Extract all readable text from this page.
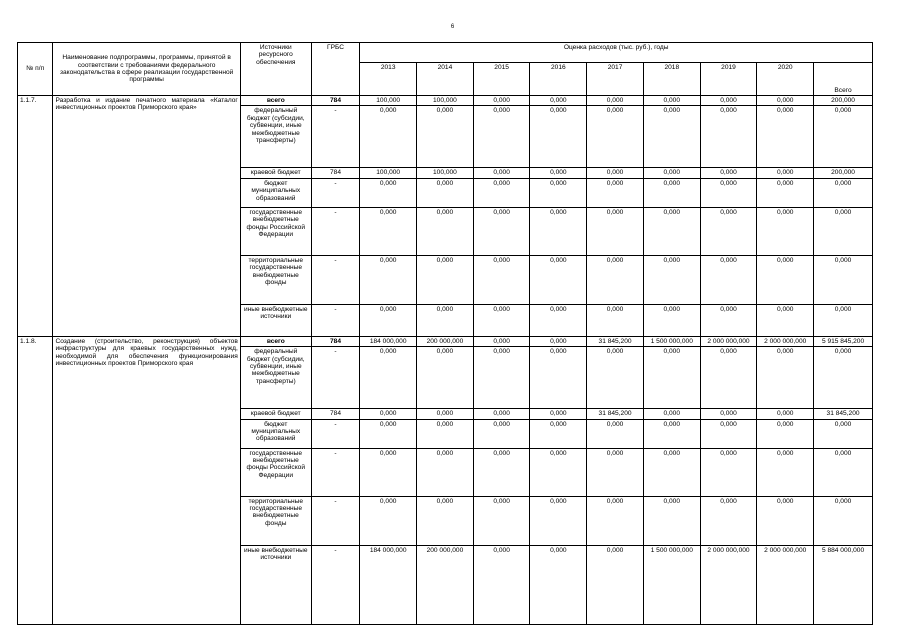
6
№ п/п	Наименование подпрограммы, программы, принятой в соответствии с требованиями федерального законодательства в сфере реализации государственной программы	Источники ресурсного обеспечения	ГРБС	Оценка расходов (тыс. руб.), годы								
				2013	2014	2015	2016	2017	2018	2019	2020	Всего
1.1.7.	Разработка и издание печатного материала «Каталог инвестиционных проектов Приморского края»	всего	784	100,000	100,000	0,000	0,000	0,000	0,000	0,000	0,000	200,000
		федеральный бюджет (субсидии, субвенции, иные межбюджетные трансферты)	-	0,000	0,000	0,000	0,000	0,000	0,000	0,000	0,000	0,000
		краевой бюджет	784	100,000	100,000	0,000	0,000	0,000	0,000	0,000	0,000	200,000
		бюджет муниципальных образований	-	0,000	0,000	0,000	0,000	0,000	0,000	0,000	0,000	0,000
		государственные внебюджетные фонды Российской Федерации	-	0,000	0,000	0,000	0,000	0,000	0,000	0,000	0,000	0,000
		территориальные государственные внебюджетные фонды	-	0,000	0,000	0,000	0,000	0,000	0,000	0,000	0,000	0,000
		иные внебюджетные источники	-	0,000	0,000	0,000	0,000	0,000	0,000	0,000	0,000	0,000
1.1.8.	Создание (строительство, реконструкция) объектов инфраструктуры для краевых государственных нужд, необходимой для обеспечения функционирования инвестиционных проектов Приморского края	всего	784	184 000,000	200 000,000	0,000	0,000	31 845,200	1 500 000,000	2 000 000,000	2 000 000,000	5 915 845,200
		федеральный бюджет (субсидии, субвенции, иные межбюджетные трансферты)	-	0,000	0,000	0,000	0,000	0,000	0,000	0,000	0,000	0,000
		краевой бюджет	784	0,000	0,000	0,000	0,000	31 845,200	0,000	0,000	0,000	31 845,200
		бюджет муниципальных образований	-	0,000	0,000	0,000	0,000	0,000	0,000	0,000	0,000	0,000
		государственные внебюджетные фонды Российской Федерации	-	0,000	0,000	0,000	0,000	0,000	0,000	0,000	0,000	0,000
		территориальные государственные внебюджетные фонды	-	0,000	0,000	0,000	0,000	0,000	0,000	0,000	0,000	0,000
		иные внебюджетные источники	-	184 000,000	200 000,000	0,000	0,000	0,000	1 500 000,000	2 000 000,000	2 000 000,000	5 884 000,000
